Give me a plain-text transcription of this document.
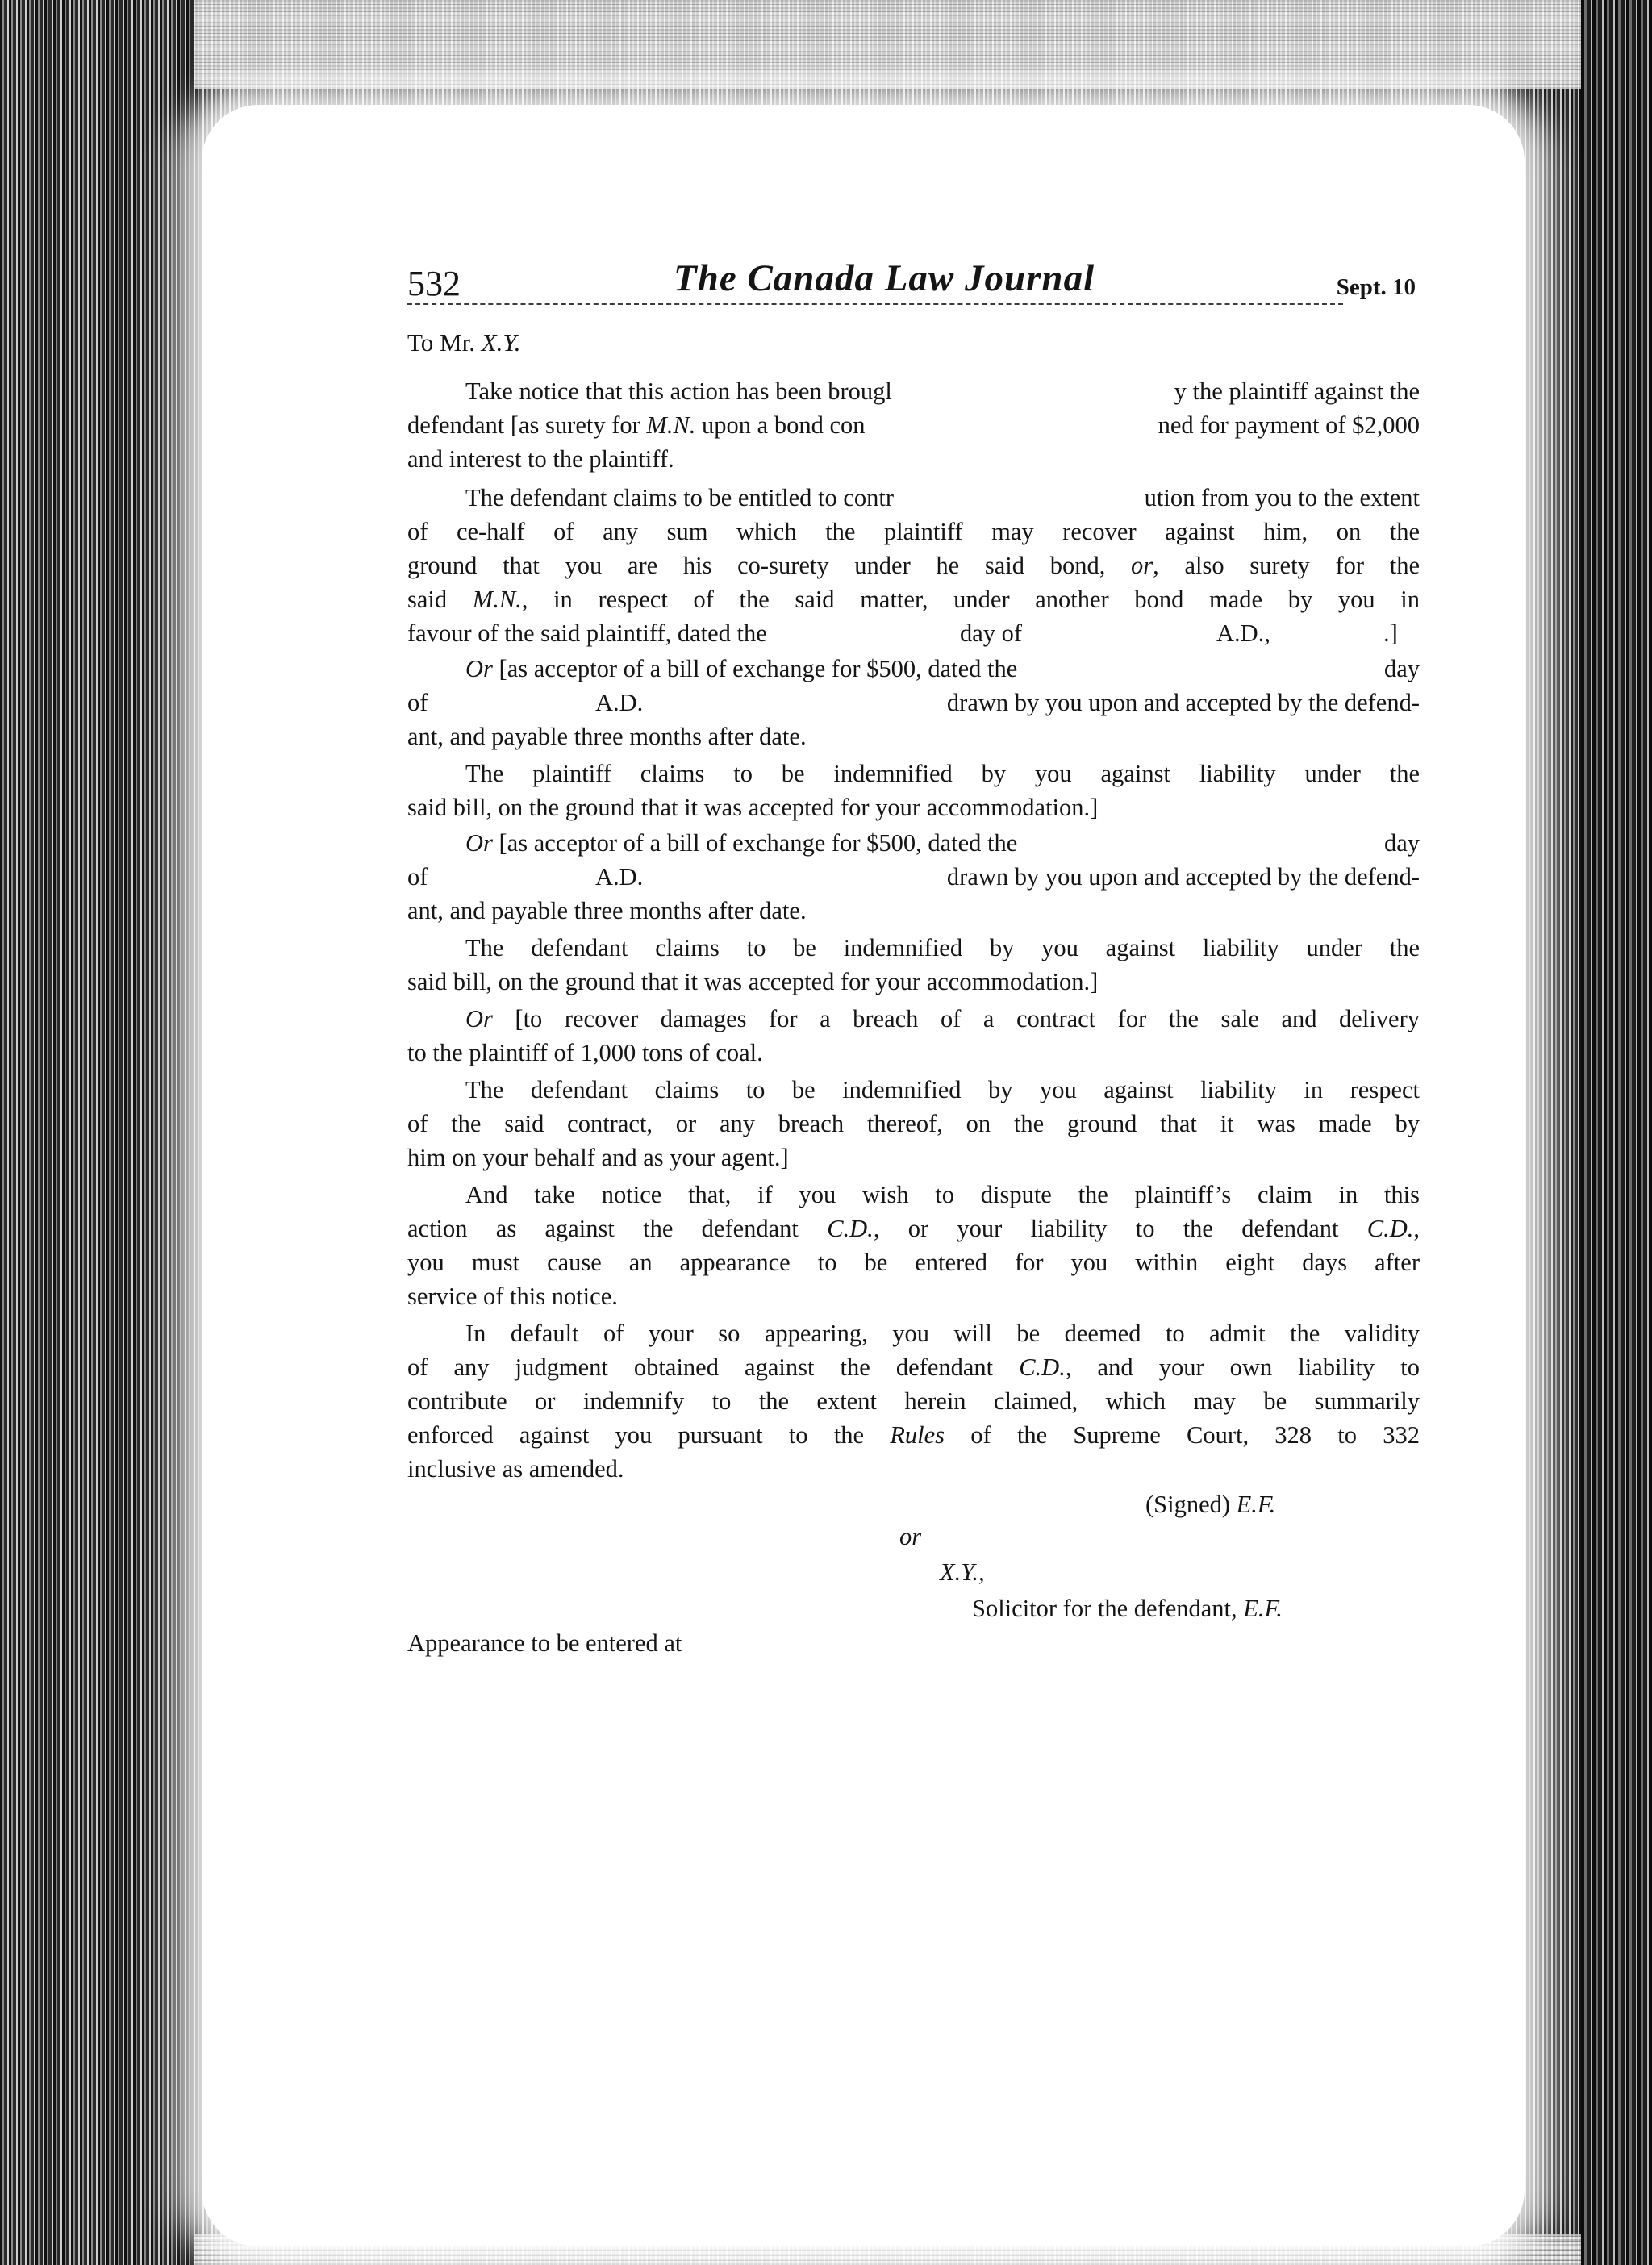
532	The Canada Law Journal	Sept. 10
To Mr. X.Y.
Take notice that this action has been brougl	y the plaintiff against the
defendant [as surety for M.N. upon a bond con	ned for payment of $2,000
and interest to the plaintiff.
The defendant claims to be entitled to contr	ution from you to the extent
of ce-half of any sum which the plaintiff may recover against him, on the
ground that you are his co-surety under he said bond, or, also surety for the
said M.N., in respect of the said matter, under another bond made by you in
favour of the said plaintiff, dated the	day of	A.D.,	.]
Or [as acceptor of a bill of exchange for $500, dated the	day
of	A.D.	drawn by you upon and accepted by the defend-
ant, and payable three months after date.
The plaintiff claims to be indemnified by you against liability under the
said bill, on the ground that it was accepted for your accommodation.]
Or [as acceptor of a bill of exchange for $500, dated the	day
of	A.D.	drawn by you upon and accepted by the defend-
ant, and payable three months after date.
The defendant claims to be indemnified by you against liability under the
said bill, on the ground that it was accepted for your accommodation.]
Or [to recover damages for a breach of a contract for the sale and delivery
to the plaintiff of 1,000 tons of coal.
The defendant claims to be indemnified by you against liability in respect
of the said contract, or any breach thereof, on the ground that it was made by
him on your behalf and as your agent.]
And take notice that, if you wish to dispute the plaintiff’s claim in this
action as against the defendant C.D., or your liability to the defendant C.D.,
you must cause an appearance to be entered for you within eight days after
service of this notice.
In default of your so appearing, you will be deemed to admit the validity
of any judgment obtained against the defendant C.D., and your own liability to
contribute or indemnify to the extent herein claimed, which may be summarily
enforced against you pursuant to the Rules of the Supreme Court, 328 to 332
inclusive as amended.
(Signed) E.F.
or
X.Y.,
Solicitor for the defendant, E.F.
Appearance to be entered at
